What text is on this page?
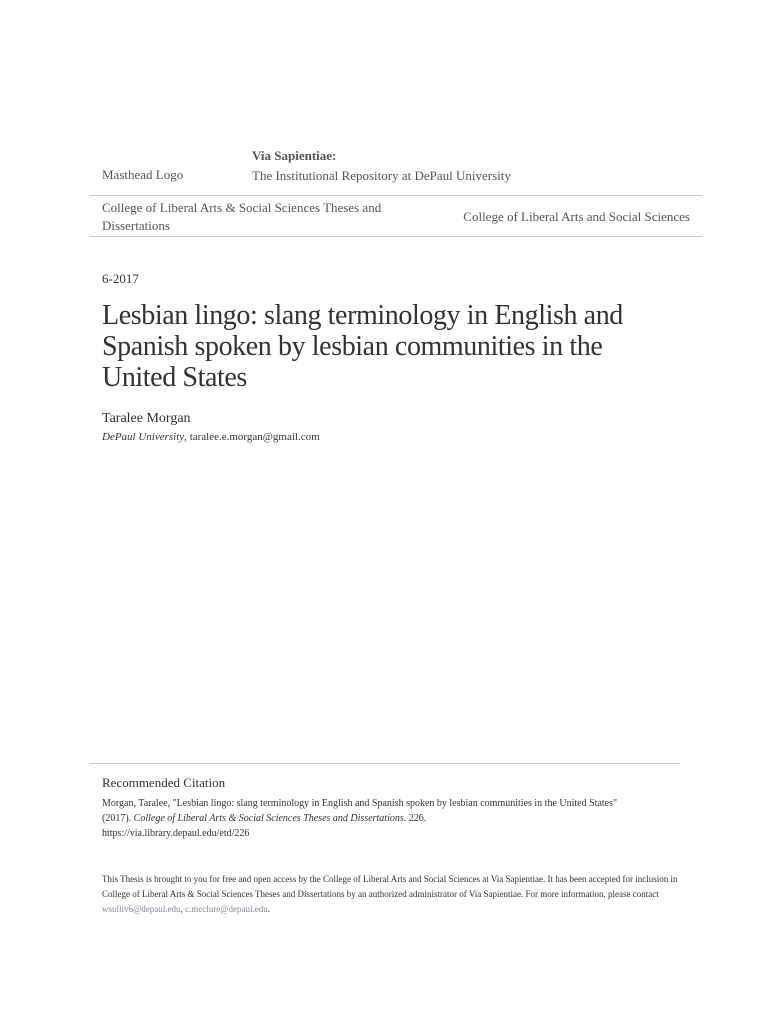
Masthead Logo
Via Sapientiae:
The Institutional Repository at DePaul University
College of Liberal Arts & Social Sciences Theses and Dissertations
College of Liberal Arts and Social Sciences
6-2017
Lesbian lingo: slang terminology in English and Spanish spoken by lesbian communities in the United States
Taralee Morgan
DePaul University, taralee.e.morgan@gmail.com
Recommended Citation
Morgan, Taralee, "Lesbian lingo: slang terminology in English and Spanish spoken by lesbian communities in the United States"
(2017). College of Liberal Arts & Social Sciences Theses and Dissertations. 226.
https://via.library.depaul.edu/etd/226
This Thesis is brought to you for free and open access by the College of Liberal Arts and Social Sciences at Via Sapientiae. It has been accepted for inclusion in College of Liberal Arts & Social Sciences Theses and Dissertations by an authorized administrator of Via Sapientiae. For more information, please contact wsulliv6@depaul.edu, c.mcclure@depaul.edu.
